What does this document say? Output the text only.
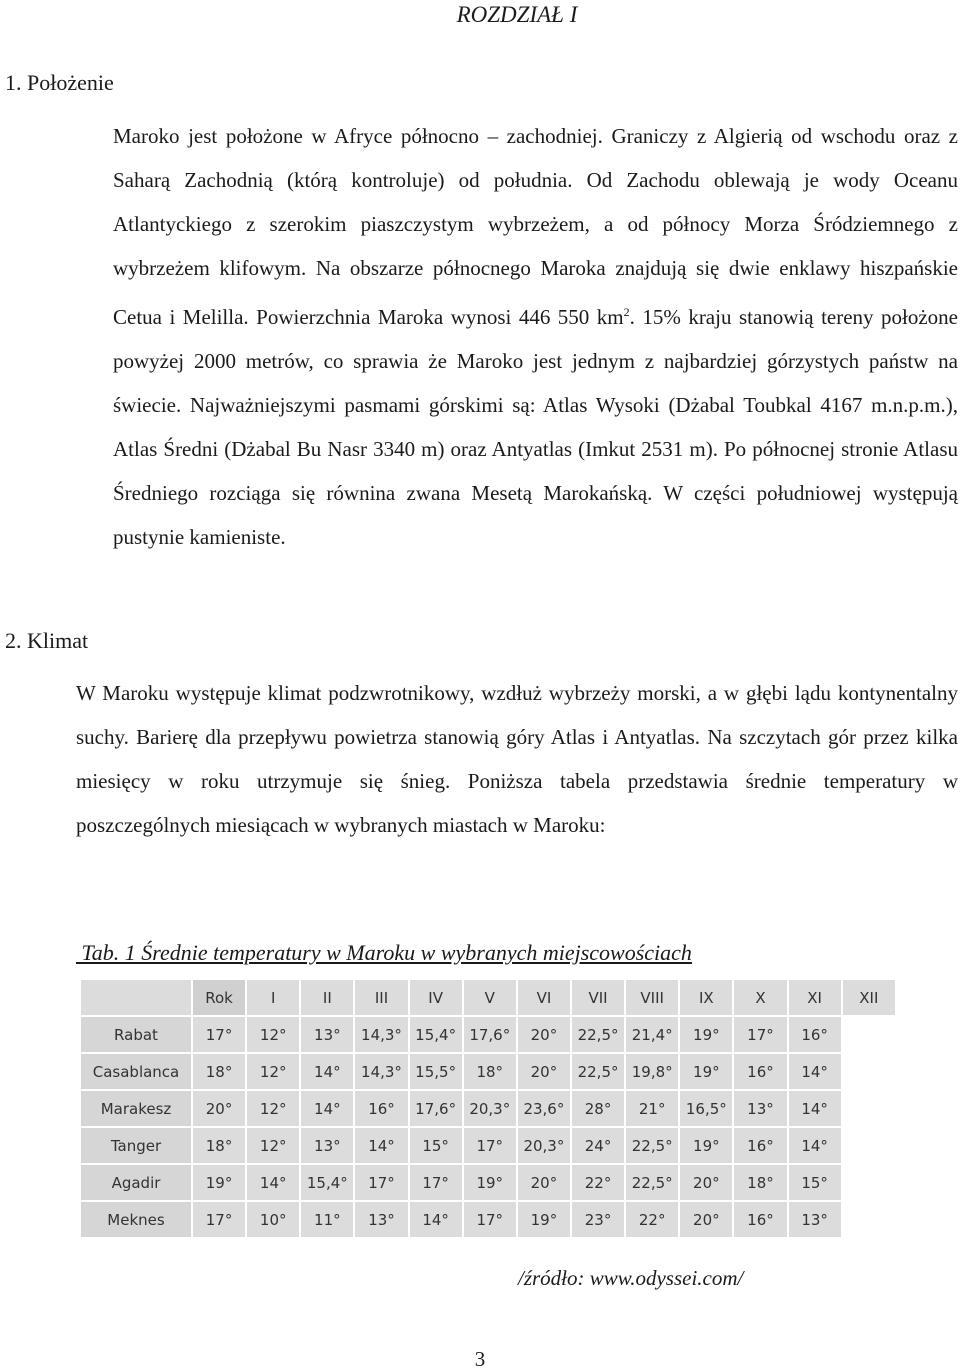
ROZDZIAŁ I
1. Położenie

Maroko jest położone w Afryce północno – zachodniej. Graniczy z Algierią od wschodu oraz z Saharą Zachodnią (którą kontroluje) od południa. Od Zachodu oblewają je wody Oceanu Atlantyckiego z szerokim piaszczystym wybrzeżem, a od północy Morza Śródziemnego z wybrzeżem klifowym. Na obszarze północnego Maroka znajdują się dwie enklawy hiszpańskie Cetua i Melilla. Powierzchnia Maroka wynosi 446 550 $km^2$. 15% kraju stanowią tereny położone powyżej 2000 metrów, co sprawia że Maroko jest jednym z najbardziej górzystych państw na świecie. Najważniejszymi pasmami górskimi są: Atlas Wysoki (Dżabal Toubkal 4167 m.n.p.m.), Atlas Średni (Dżabal Bu Nasr 3340 m) oraz Antyatlas (Imkut 2531 m). Po północnej stronie Atlasu Średniego rozciąga się równina zwana Mesetą Marokańską. W części południowej występują pustynie kamieniste.

2. Klimat

W Maroku występuje klimat podzwrotnikowy, wzdłuż wybrzeży morski, a w głębi lądu kontynentalny suchy. Barierę dla przepływu powietrza stanowią góry Atlas i Antyatlas. Na szczytach gór przez kilka miesięcy w roku utrzymuje się śnieg. Poniższa tabela przedstawia średnie temperatury w poszczególnych miesiącach w wybranych miastach w Maroku:

Tab. 1 Średnie temperatury w Maroku w wybranych miejscowościach
	Rok	I	II	III	IV	V	VI	VII	VIII	IX	X	XI	XII
Rabat	17°	12°	13°	14,3°	15,4°	17,6°	20°	22,5°	21,4°	19°	17°	16°	
Casablanca	18°	12°	14°	14,3°	15,5°	18°	20°	22,5°	19,8°	19°	16°	14°	
Marakesz	20°	12°	14°	16°	17,6°	20,3°	23,6°	28°	21°	16,5°	13°	14°	
Tanger	18°	12°	13°	14°	15°	17°	20,3°	24°	22,5°	19°	16°	14°	
Agadir	19°	14°	15,4°	17°	17°	19°	20°	22°	22,5°	20°	18°	15°	
Meknes	17°	10°	11°	13°	14°	17°	19°	23°	22°	20°	16°	13°	
/źródło: www.odyssei.com/
3
